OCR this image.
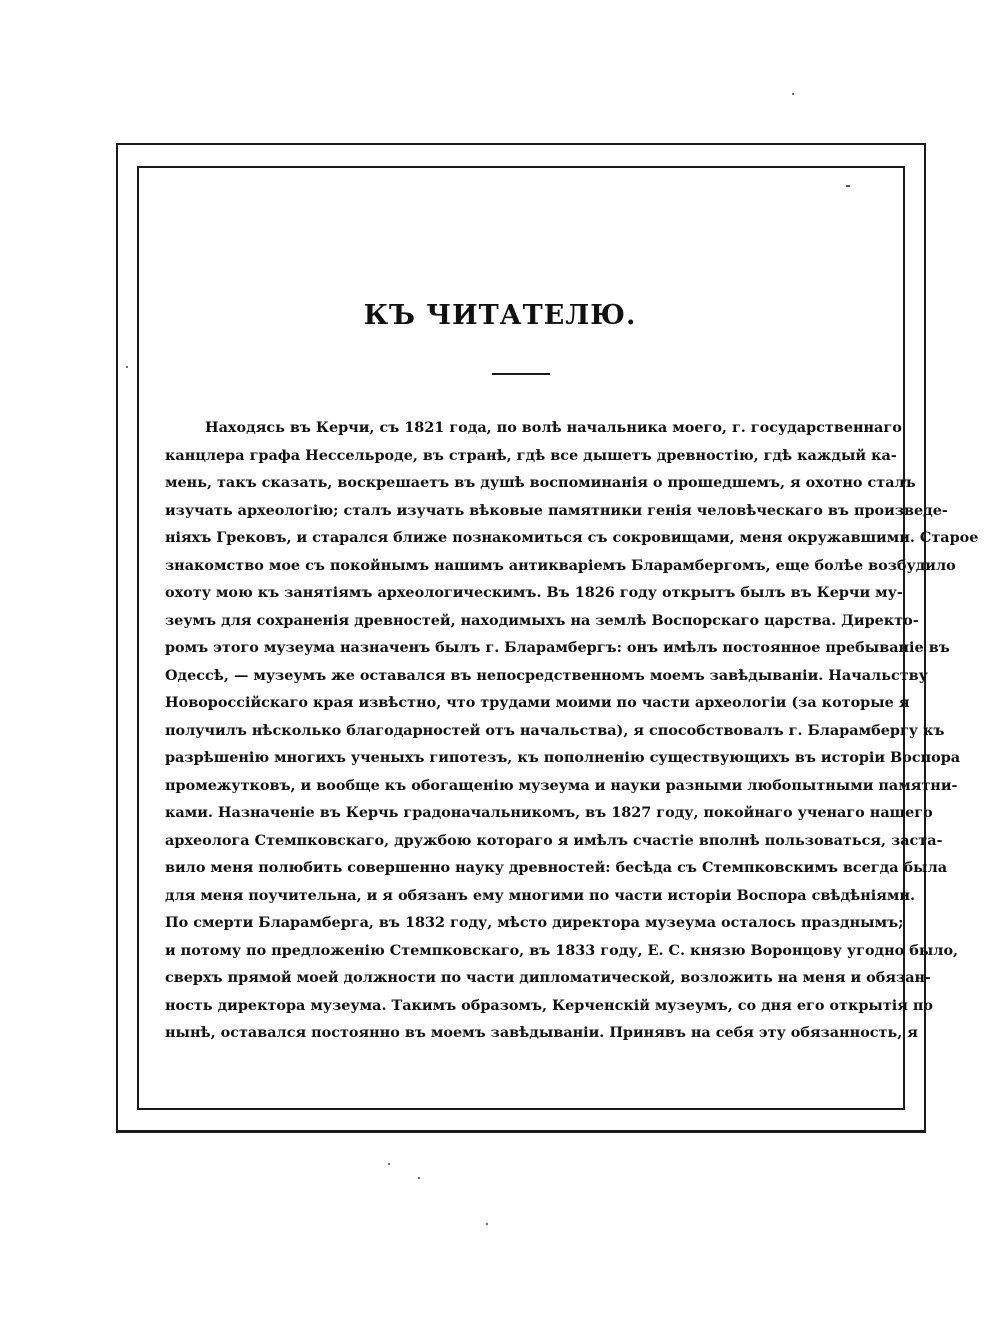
КЪ ЧИТАТЕЛЮ.
Находясь въ Керчи, съ 1821 года, по волѣ начальника моего, г. государственнаго
канцлера графа Нессельроде, въ странѣ, гдѣ все дышетъ древностію, гдѣ каждый ка-
мень, такъ сказать, воскрешаетъ въ душѣ воспоминанія о прошедшемъ, я охотно сталъ
изучать археологію; сталъ изучать вѣковые памятники генія человѣческаго въ произведе-
ніяхъ Грековъ, и старался ближе познакомиться съ сокровищами, меня окружавшими. Старое
знакомство мое съ покойнымъ нашимъ антикваріемъ Бларамбергомъ, еще болѣе возбудило
охоту мою къ занятіямъ археологическимъ. Въ 1826 году открытъ былъ въ Керчи му-
зеумъ для сохраненія древностей, находимыхъ на землѣ Воспорскаго царства. Директо-
ромъ этого музеума назначенъ былъ г. Бларамбергъ: онъ имѣлъ постоянное пребываніе въ
Одессѣ, — музеумъ же оставался въ непосредственномъ моемъ завѣдываніи. Начальству
Новороссійскаго края извѣстно, что трудами моими по части археологіи (за которые я
получилъ нѣсколько благодарностей отъ начальства), я способствовалъ г. Бларамбергу къ
разрѣшенію многихъ ученыхъ гипотезъ, къ пополненію существующихъ въ исторіи Воспора
промежутковъ, и вообще къ обогащенію музеума и науки разными любопытными памятни-
ками. Назначеніе въ Керчь градоначальникомъ, въ 1827 году, покойнаго ученаго нашего
археолога Стемпковскаго, дружбою котораго я имѣлъ счастіе вполнѣ пользоваться, заста-
вило меня полюбить совершенно науку древностей: бесѣда съ Стемпковскимъ всегда была
для меня поучительна, и я обязанъ ему многими по части исторіи Воспора свѣдѣніями.
По смерти Бларамберга, въ 1832 году, мѣсто директора музеума осталось празднымъ;
и потому по предложенію Стемпковскаго, въ 1833 году, Е. С. князю Воронцову угодно было,
сверхъ прямой моей должности по части дипломатической, возложить на меня и обязан-
ность директора музеума. Такимъ образомъ, Керченскій музеумъ, со дня его открытія по
нынѣ, оставался постоянно въ моемъ завѣдываніи. Принявъ на себя эту обязанность, я
